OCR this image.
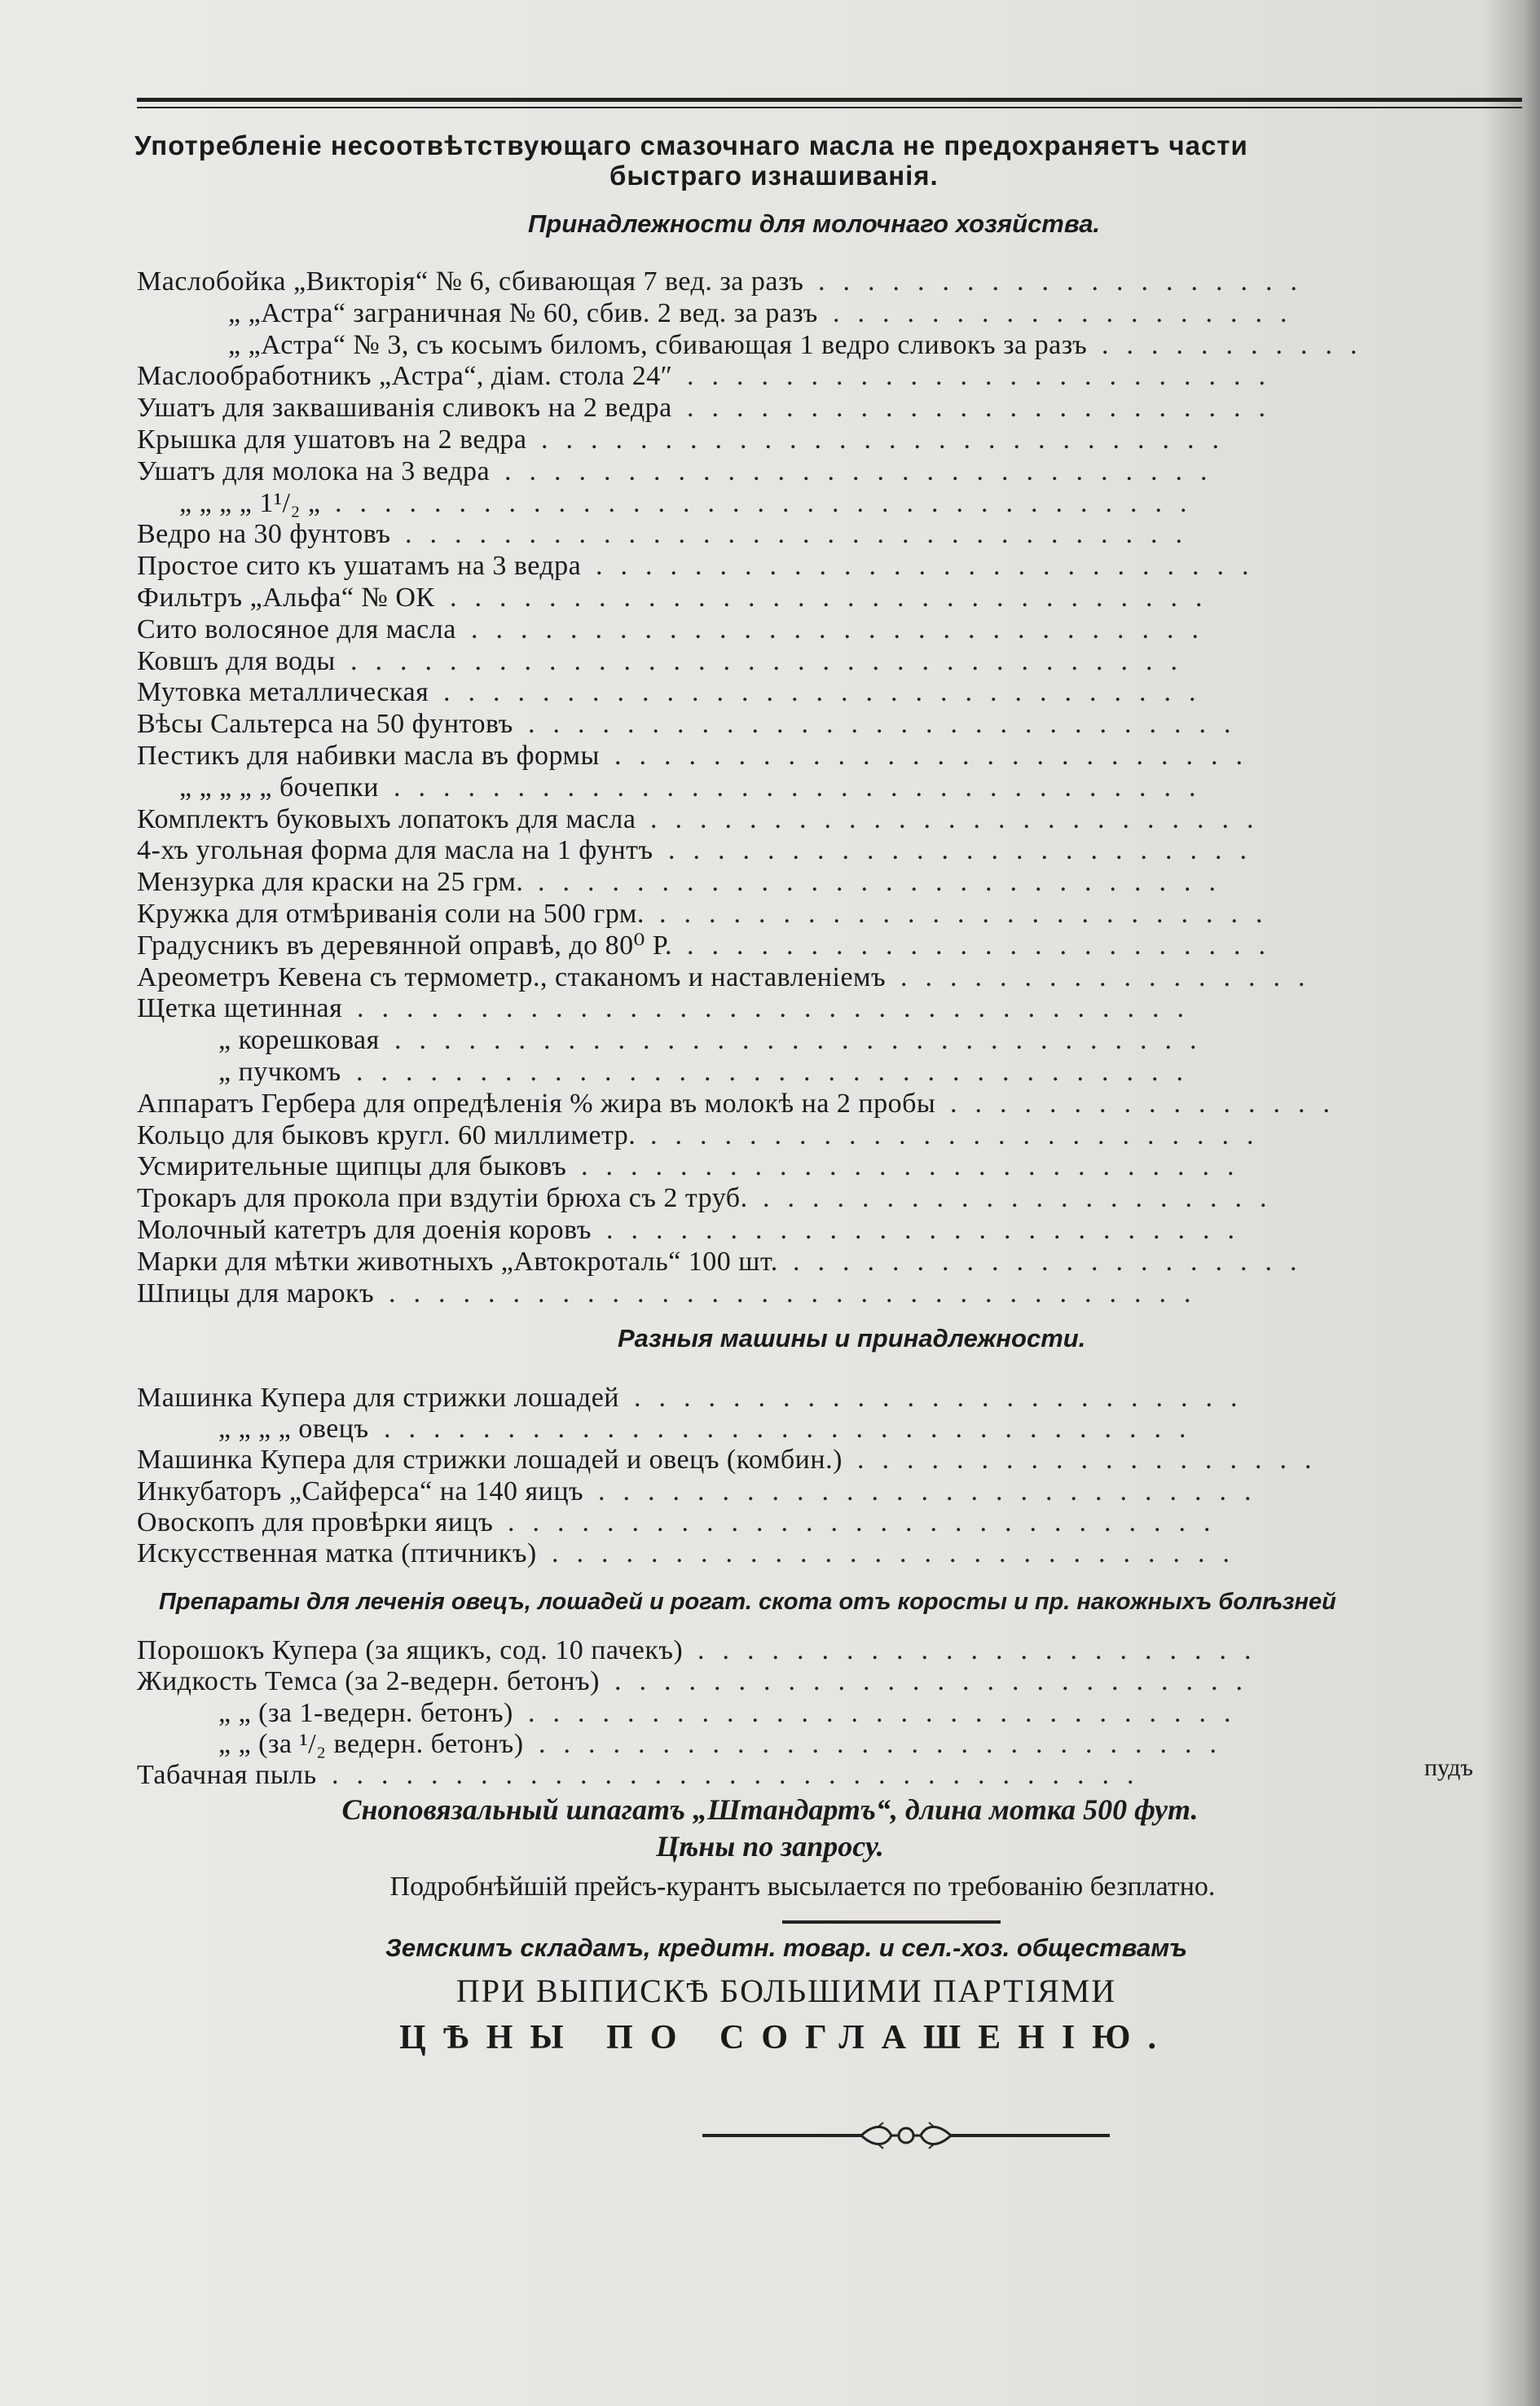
Употребленіе несоотвѣтствующаго смазочнаго масла не предохраняетъ части
быстраго изнашиванія.
Принадлежности для молочнаго хозяйства.
Маслобойка „Викторія“ № 6, сбивающая 7 вед. за разъ ....................
„ „Астра“ заграничная № 60, сбив. 2 вед. за разъ ...................
„ „Астра“ № 3, съ косымъ биломъ, сбивающая 1 ведро сливокъ за разъ ...........
Маслообработникъ „Астра“, діам. стола 24″ ........................
Ушатъ для заквашиванія сливокъ на 2 ведра ........................
Крышка для ушатовъ на 2 ведра ............................
Ушатъ для молока на 3 ведра .............................
„ „ „ „ 1¹/₂ „ ...................................
Ведро на 30 фунтовъ ................................
Простое сито къ ушатамъ на 3 ведра ...........................
Фильтръ „Альфа“ № ОК ...............................
Сито волосяное для масла ..............................
Ковшъ для воды ..................................
Мутовка металлическая ...............................
Вѣсы Сальтерса на 50 фунтовъ .............................
Пестикъ для набивки масла въ формы ..........................
„ „ „ „ „ бочепки .................................
Комплектъ буковыхъ лопатокъ для масла .........................
4-хъ угольная форма для масла на 1 фунтъ ........................
Мензурка для краски на 25 грм. ............................
Кружка для отмѣриванія соли на 500 грм. .........................
Градусникъ въ деревянной оправѣ, до 80⁰ Р. ........................
Ареометръ Кевена съ термометр., стаканомъ и наставленіемъ .................
Щетка щетинная ..................................
„ корешковая .................................
„ пучкомъ ..................................
Аппаратъ Гербера для опредѣленія % жира въ молокѣ на 2 пробы ................
Кольцо для быковъ кругл. 60 миллиметр. .........................
Усмирительные щипцы для быковъ ...........................
Трокаръ для прокола при вздутіи брюха съ 2 труб. .....................
Молочный катетръ для доенія коровъ ..........................
Марки для мѣтки животныхъ „Автокроталь“ 100 шт. .....................
Шпицы для марокъ .................................
Разныя машины и принадлежности.
Машинка Купера для стрижки лошадей .........................
„ „ „ „ овецъ .................................
Машинка Купера для стрижки лошадей и овецъ (комбин.) ...................
Инкубаторъ „Сайферса“ на 140 яицъ ...........................
Овоскопъ для провѣрки яицъ .............................
Искусственная матка (птичникъ) ............................
Препараты для леченія овецъ, лошадей и рогат. скота отъ коросты и пр. накожныхъ болѣзней
Порошокъ Купера (за ящикъ, сод. 10 пачекъ) .......................
Жидкость Темса (за 2-ведерн. бетонъ) ..........................
„ „ (за 1-ведерн. бетонъ) .............................
„ „ (за ¹/₂ ведерн. бетонъ) ............................
Табачная пыль .................................	пудъ
Сноповязальный шпагатъ „Штандартъ“, длина мотка 500 фут.
Цѣны по запросу.
Подробнѣйшій прейсъ-курантъ высылается по требованію безплатно.
Земскимъ складамъ, кредитн. товар. и сел.-хоз. обществамъ
ПРИ ВЫПИСКѢ БОЛЬШИМИ ПАРТІЯМИ
ЦѢНЫ ПО СОГЛАШЕНІЮ.
